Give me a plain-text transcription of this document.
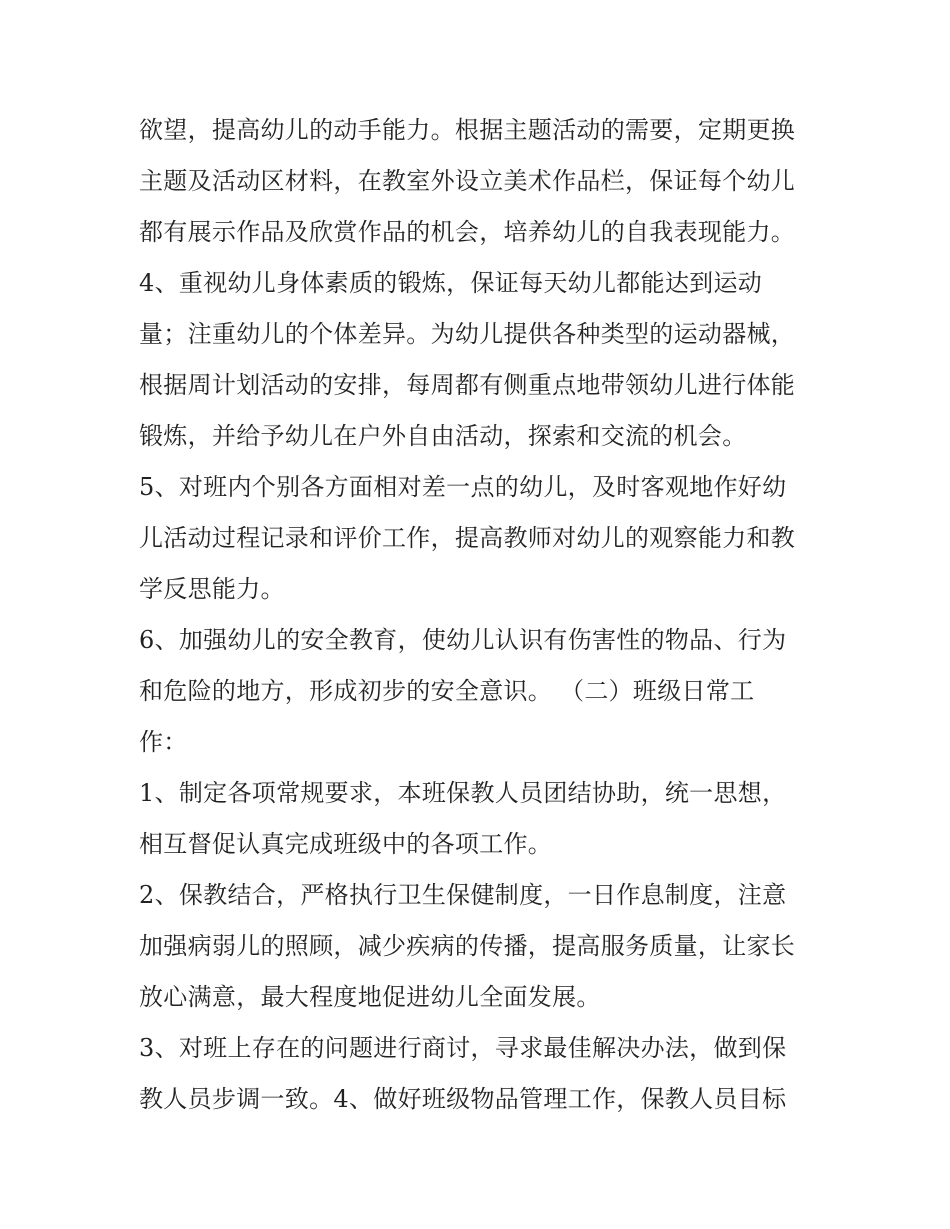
欲望，提高幼儿的动手能力。根据主题活动的需要，定期更换
主题及活动区材料，在教室外设立美术作品栏，保证每个幼儿
都有展示作品及欣赏作品的机会，培养幼儿的自我表现能力。
4、重视幼儿身体素质的锻炼，保证每天幼儿都能达到运动
量；注重幼儿的个体差异。为幼儿提供各种类型的运动器械，
根据周计划活动的安排，每周都有侧重点地带领幼儿进行体能
锻炼，并给予幼儿在户外自由活动，探索和交流的机会。
5、对班内个别各方面相对差一点的幼儿，及时客观地作好幼
儿活动过程记录和评价工作，提高教师对幼儿的观察能力和教
学反思能力。
6、加强幼儿的安全教育，使幼儿认识有伤害性的物品、行为
和危险的地方，形成初步的安全意识。 （二）班级日常工
作：
1、制定各项常规要求，本班保教人员团结协助，统一思想，
相互督促认真完成班级中的各项工作。
2、保教结合，严格执行卫生保健制度，一日作息制度，注意
加强病弱儿的照顾，减少疾病的传播，提高服务质量，让家长
放心满意，最大程度地促进幼儿全面发展。
3、对班上存在的问题进行商讨，寻求最佳解决办法，做到保
教人员步调一致。4、做好班级物品管理工作，保教人员目标
